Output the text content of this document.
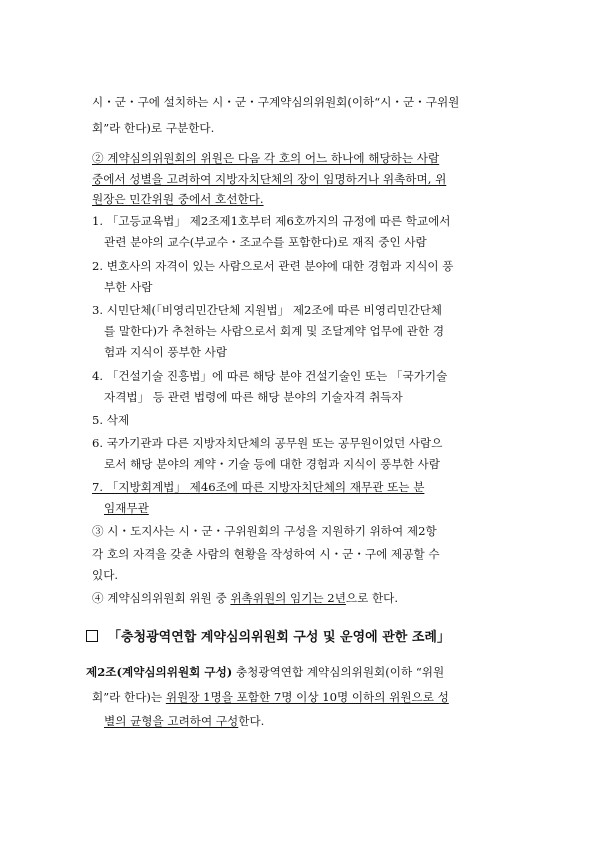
시・군・구에 설치하는 시・군・구계약심의위원회(이하“시・군・구위원
회”라 한다)로 구분한다.
② 계약심의위원회의 위원은 다음 각 호의 어느 하나에 해당하는 사람
중에서 성별을 고려하여 지방자치단체의 장이 임명하거나 위촉하며, 위
원장은 민간위원 중에서 호선한다.
1. 「고등교육법」 제2조제1호부터 제6호까지의 규정에 따른 학교에서
관련 분야의 교수(부교수・조교수를 포함한다)로 재직 중인 사람
2. 변호사의 자격이 있는 사람으로서 관련 분야에 대한 경험과 지식이 풍
부한 사람
3. 시민단체(「비영리민간단체 지원법」 제2조에 따른 비영리민간단체
를 말한다)가 추천하는 사람으로서 회계 및 조달계약 업무에 관한 경
험과 지식이 풍부한 사람
4. 「건설기술 진흥법」에 따른 해당 분야 건설기술인 또는 「국가기술
자격법」 등 관련 법령에 따른 해당 분야의 기술자격 취득자
5. 삭제
6. 국가기관과 다른 지방자치단체의 공무원 또는 공무원이었던 사람으
로서 해당 분야의 계약・기술 등에 대한 경험과 지식이 풍부한 사람
7. 「지방회계법」 제46조에 따른 지방자치단체의 재무관 또는 분
임재무관
③ 시・도지사는 시・군・구위원회의 구성을 지원하기 위하여 제2항
각 호의 자격을 갖춘 사람의 현황을 작성하여 시・군・구에 제공할 수
있다.
④ 계약심의위원회 위원 중 위촉위원의 임기는 2년으로 한다.
「충청광역연합 계약심의위원회 구성 및 운영에 관한 조례」
제2조(계약심의위원회 구성) 충청광역연합 계약심의위원회(이하 “위원
회”라 한다)는 위원장 1명을 포함한 7명 이상 10명 이하의 위원으로 성
별의 균형을 고려하여 구성한다.
